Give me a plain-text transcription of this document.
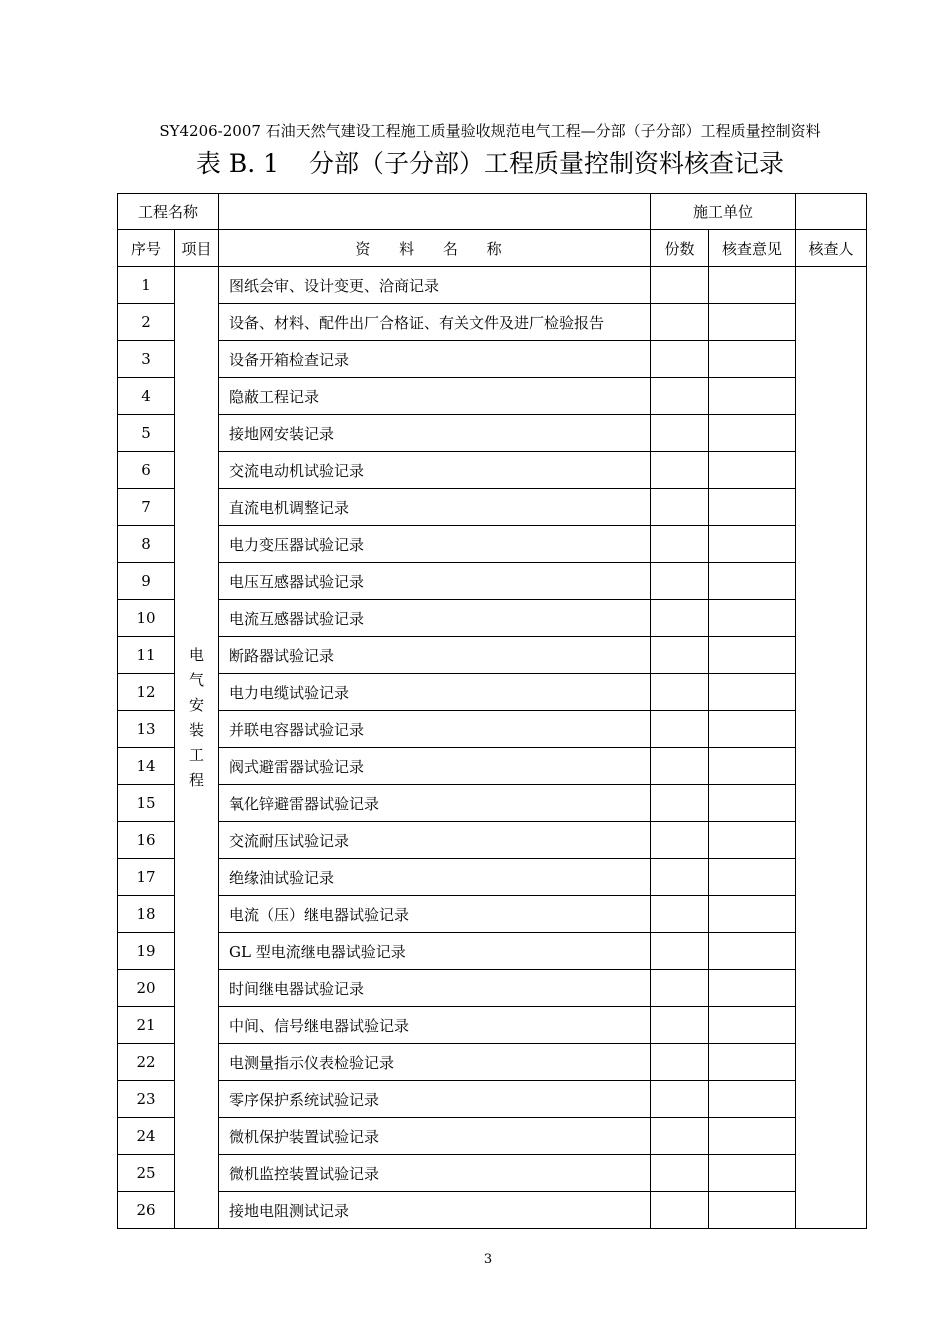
SY4206-2007 石油天然气建设工程施工质量验收规范电气工程—分部（子分部）工程质量控制资料
表 B. 1 分部（子分部）工程质量控制资料核查记录
工程名称			施工单位		
序号	项目	资 料 名 称	份数	核查意见	核查人
1	电气安装工程	图纸会审、设计变更、洽商记录			
2		设备、材料、配件出厂合格证、有关文件及进厂检验报告			
3		设备开箱检查记录			
4		隐蔽工程记录			
5		接地网安装记录			
6		交流电动机试验记录			
7		直流电机调整记录			
8		电力变压器试验记录			
9		电压互感器试验记录			
10		电流互感器试验记录			
11		断路器试验记录			
12		电力电缆试验记录			
13		并联电容器试验记录			
14		阀式避雷器试验记录			
15		氧化锌避雷器试验记录			
16		交流耐压试验记录			
17		绝缘油试验记录			
18		电流（压）继电器试验记录			
19		GL 型电流继电器试验记录			
20		时间继电器试验记录			
21		中间、信号继电器试验记录			
22		电测量指示仪表检验记录			
23		零序保护系统试验记录			
24		微机保护装置试验记录			
25		微机监控装置试验记录			
26		接地电阻测试记录			
3
